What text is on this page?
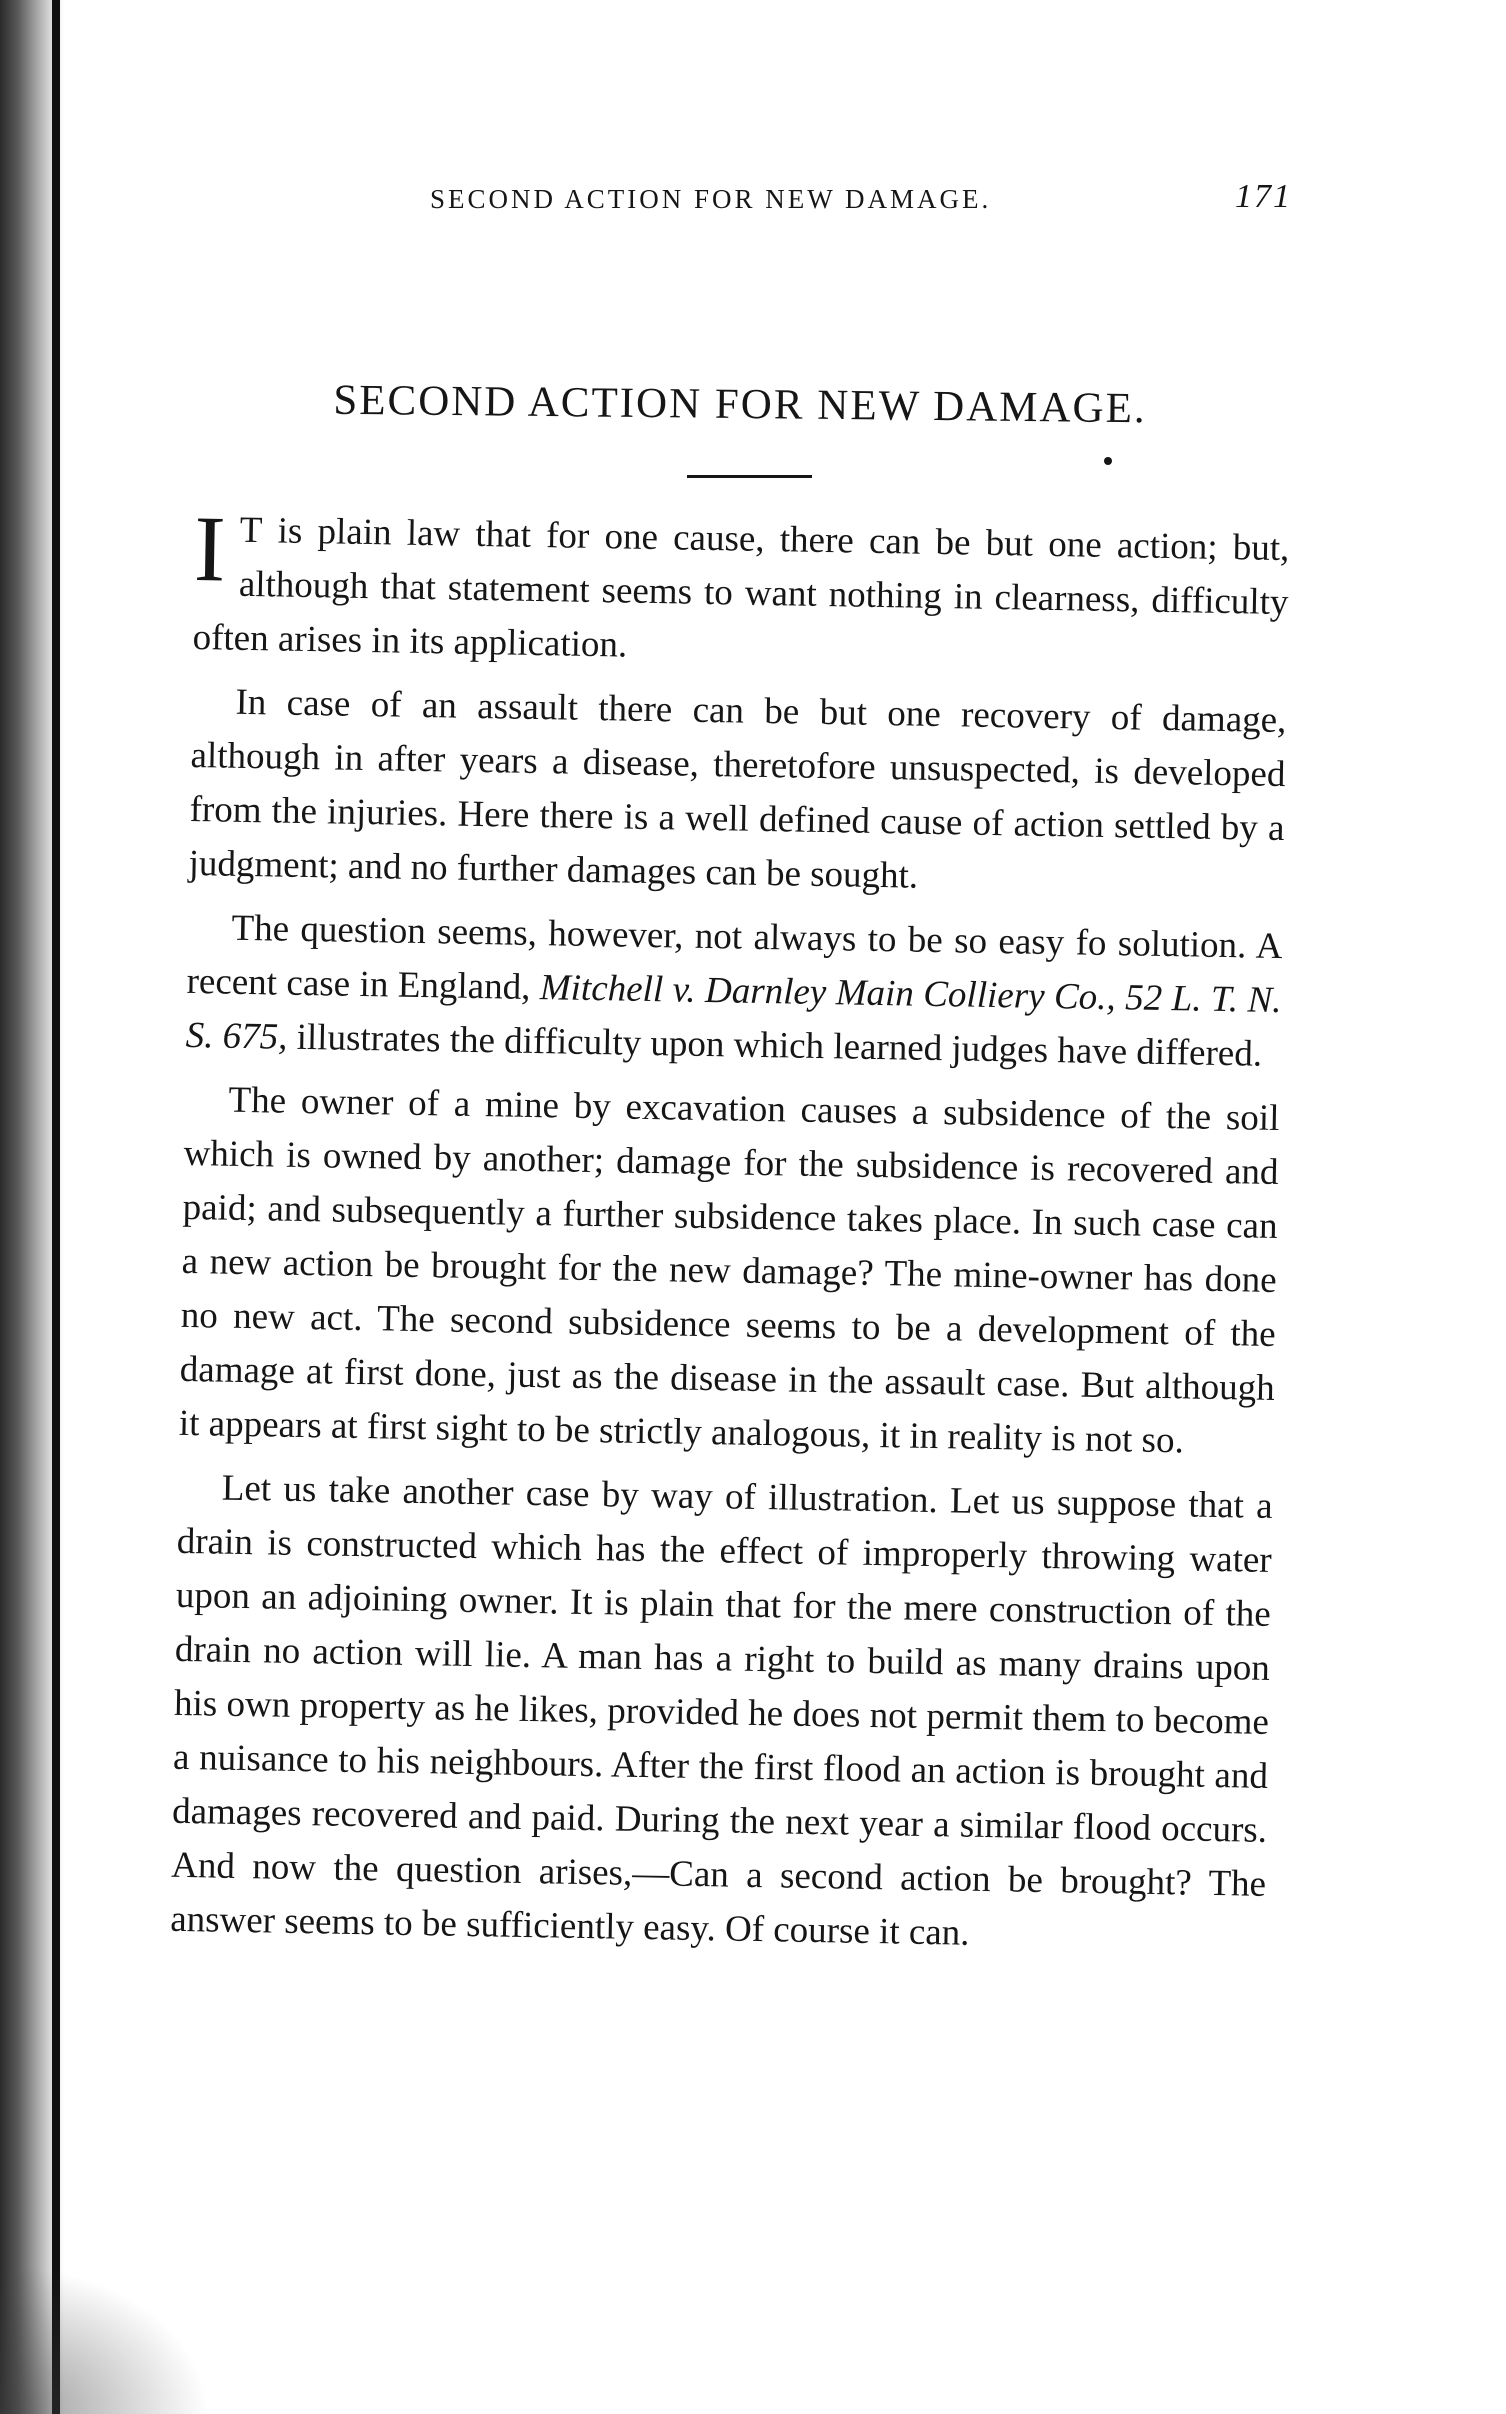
SECOND ACTION FOR NEW DAMAGE.	171
SECOND ACTION FOR NEW DAMAGE.

I T is plain law that for one cause, there can be but one action; but, although that statement seems to want nothing in clearness, difficulty often arises in its application.

In case of an assault there can be but one recovery of damage, although in after years a disease, theretofore unsuspected, is developed from the injuries. Here there is a well defined cause of action settled by a judgment; and no further damages can be sought.

The question seems, however, not always to be so easy fo solution. A recent case in England, Mitchell v. Darnley Main Colliery Co., 52 L. T. N. S. 675, illustrates the difficulty upon which learned judges have differed.

The owner of a mine by excavation causes a subsidence of the soil which is owned by another; damage for the subsidence is recovered and paid; and subsequently a further subsidence takes place. In such case can a new action be brought for the new damage? The mine-owner has done no new act. The second subsidence seems to be a development of the damage at first done, just as the disease in the assault case. But although it appears at first sight to be strictly analogous, it in reality is not so.

Let us take another case by way of illustration. Let us suppose that a drain is constructed which has the effect of improperly throwing water upon an adjoining owner. It is plain that for the mere construction of the drain no action will lie. A man has a right to build as many drains upon his own property as he likes, provided he does not permit them to become a nuisance to his neighbours. After the first flood an action is brought and damages recovered and paid. During the next year a similar flood occurs. And now the question arises,—Can a second action be brought? The answer seems to be sufficiently easy. Of course it can.
